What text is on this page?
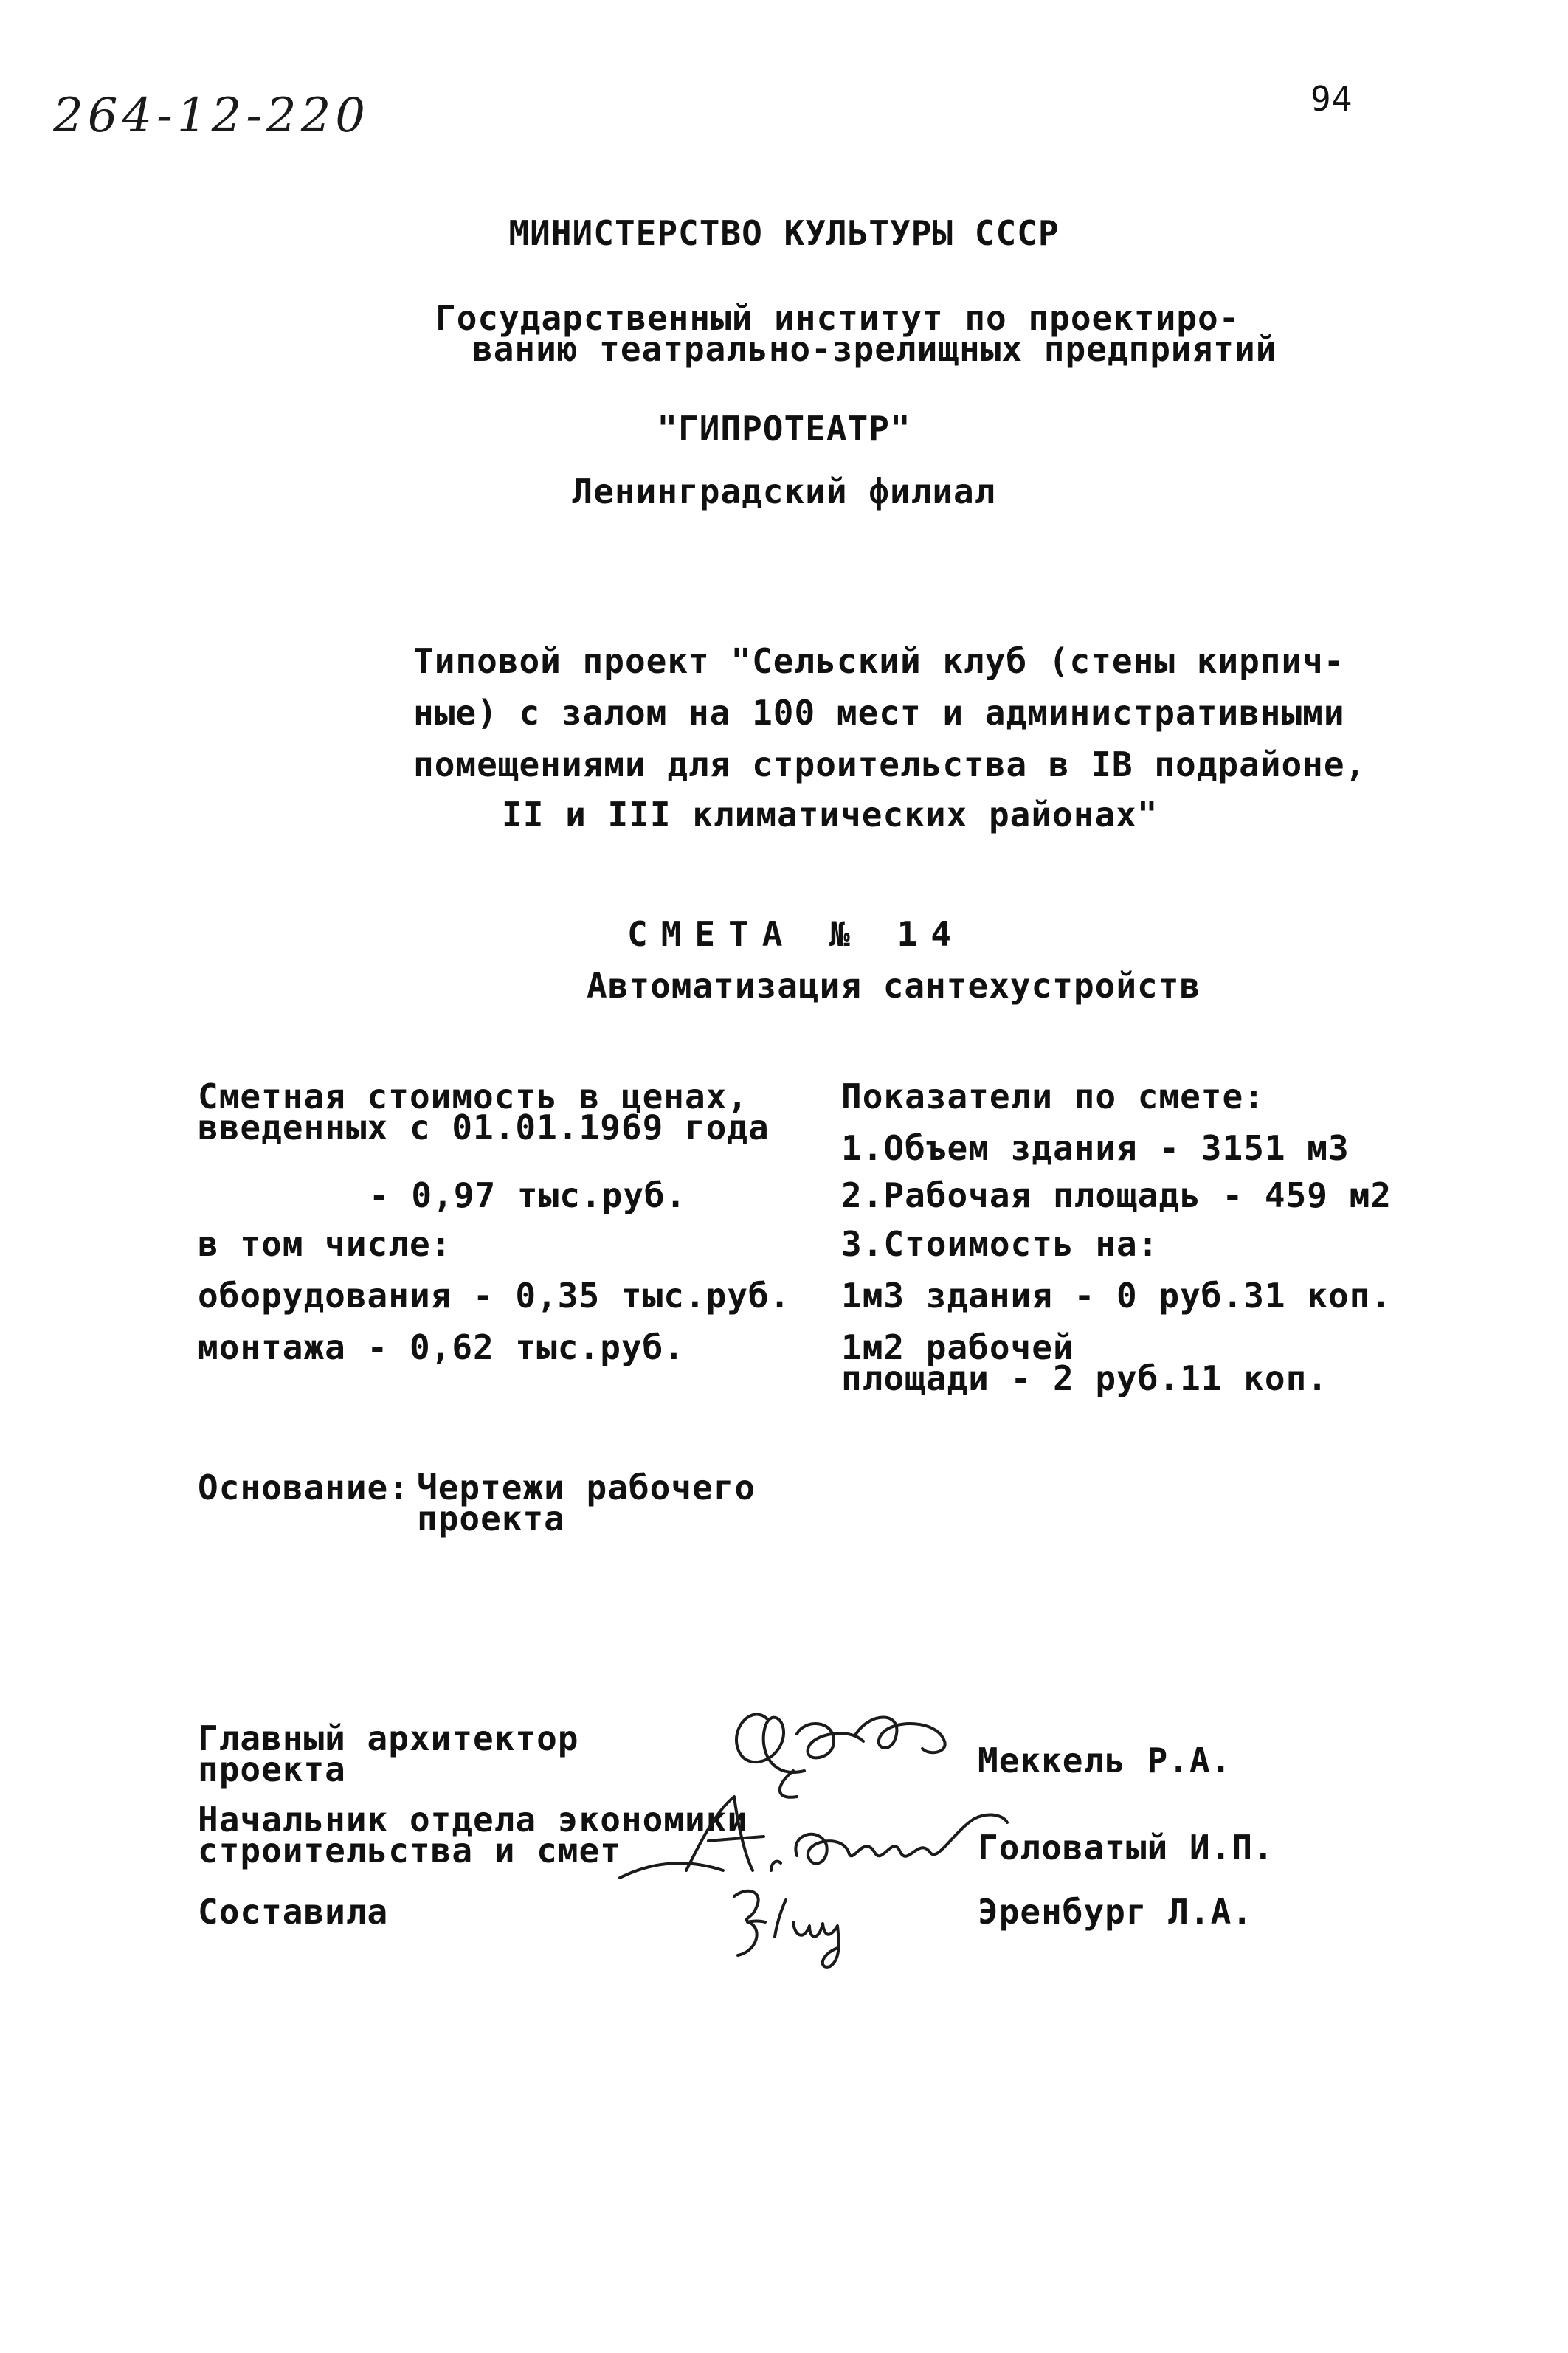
264-12-220	94
МИНИСТЕРСТВО КУЛЬТУРЫ СССР
Государственный институт по проектиро-
ванию театрально-зрелищных предприятий
"ГИПРОТЕАТР"
Ленинградский филиал
Типовой проект "Сельский клуб (стены кирпич-
ные) с залом на 100 мест и административными
помещениями для строительства в IВ подрайоне,
II и III климатических районах"
СМЕТА № 14
Автоматизация сантехустройств
Сметная стоимость в ценах,
введенных с 01.01.1969 года
- 0,97 тыс.руб.
в том числе:
оборудования - 0,35 тыс.руб.
монтажа - 0,62 тыс.руб.
Показатели по смете:
1.Объем здания - 3151 м3
2.Рабочая площадь - 459 м2
3.Стоимость на:
1м3 здания - 0 руб.31 коп.
1м2 рабочей
площади - 2 руб.11 коп.
Основание: Чертежи рабочего
проекта
Главный архитектор
проекта	Меккель Р.А.
Начальник отдела экономики
строительства и смет	Головатый И.П.
Составила	Эренбург Л.А.
